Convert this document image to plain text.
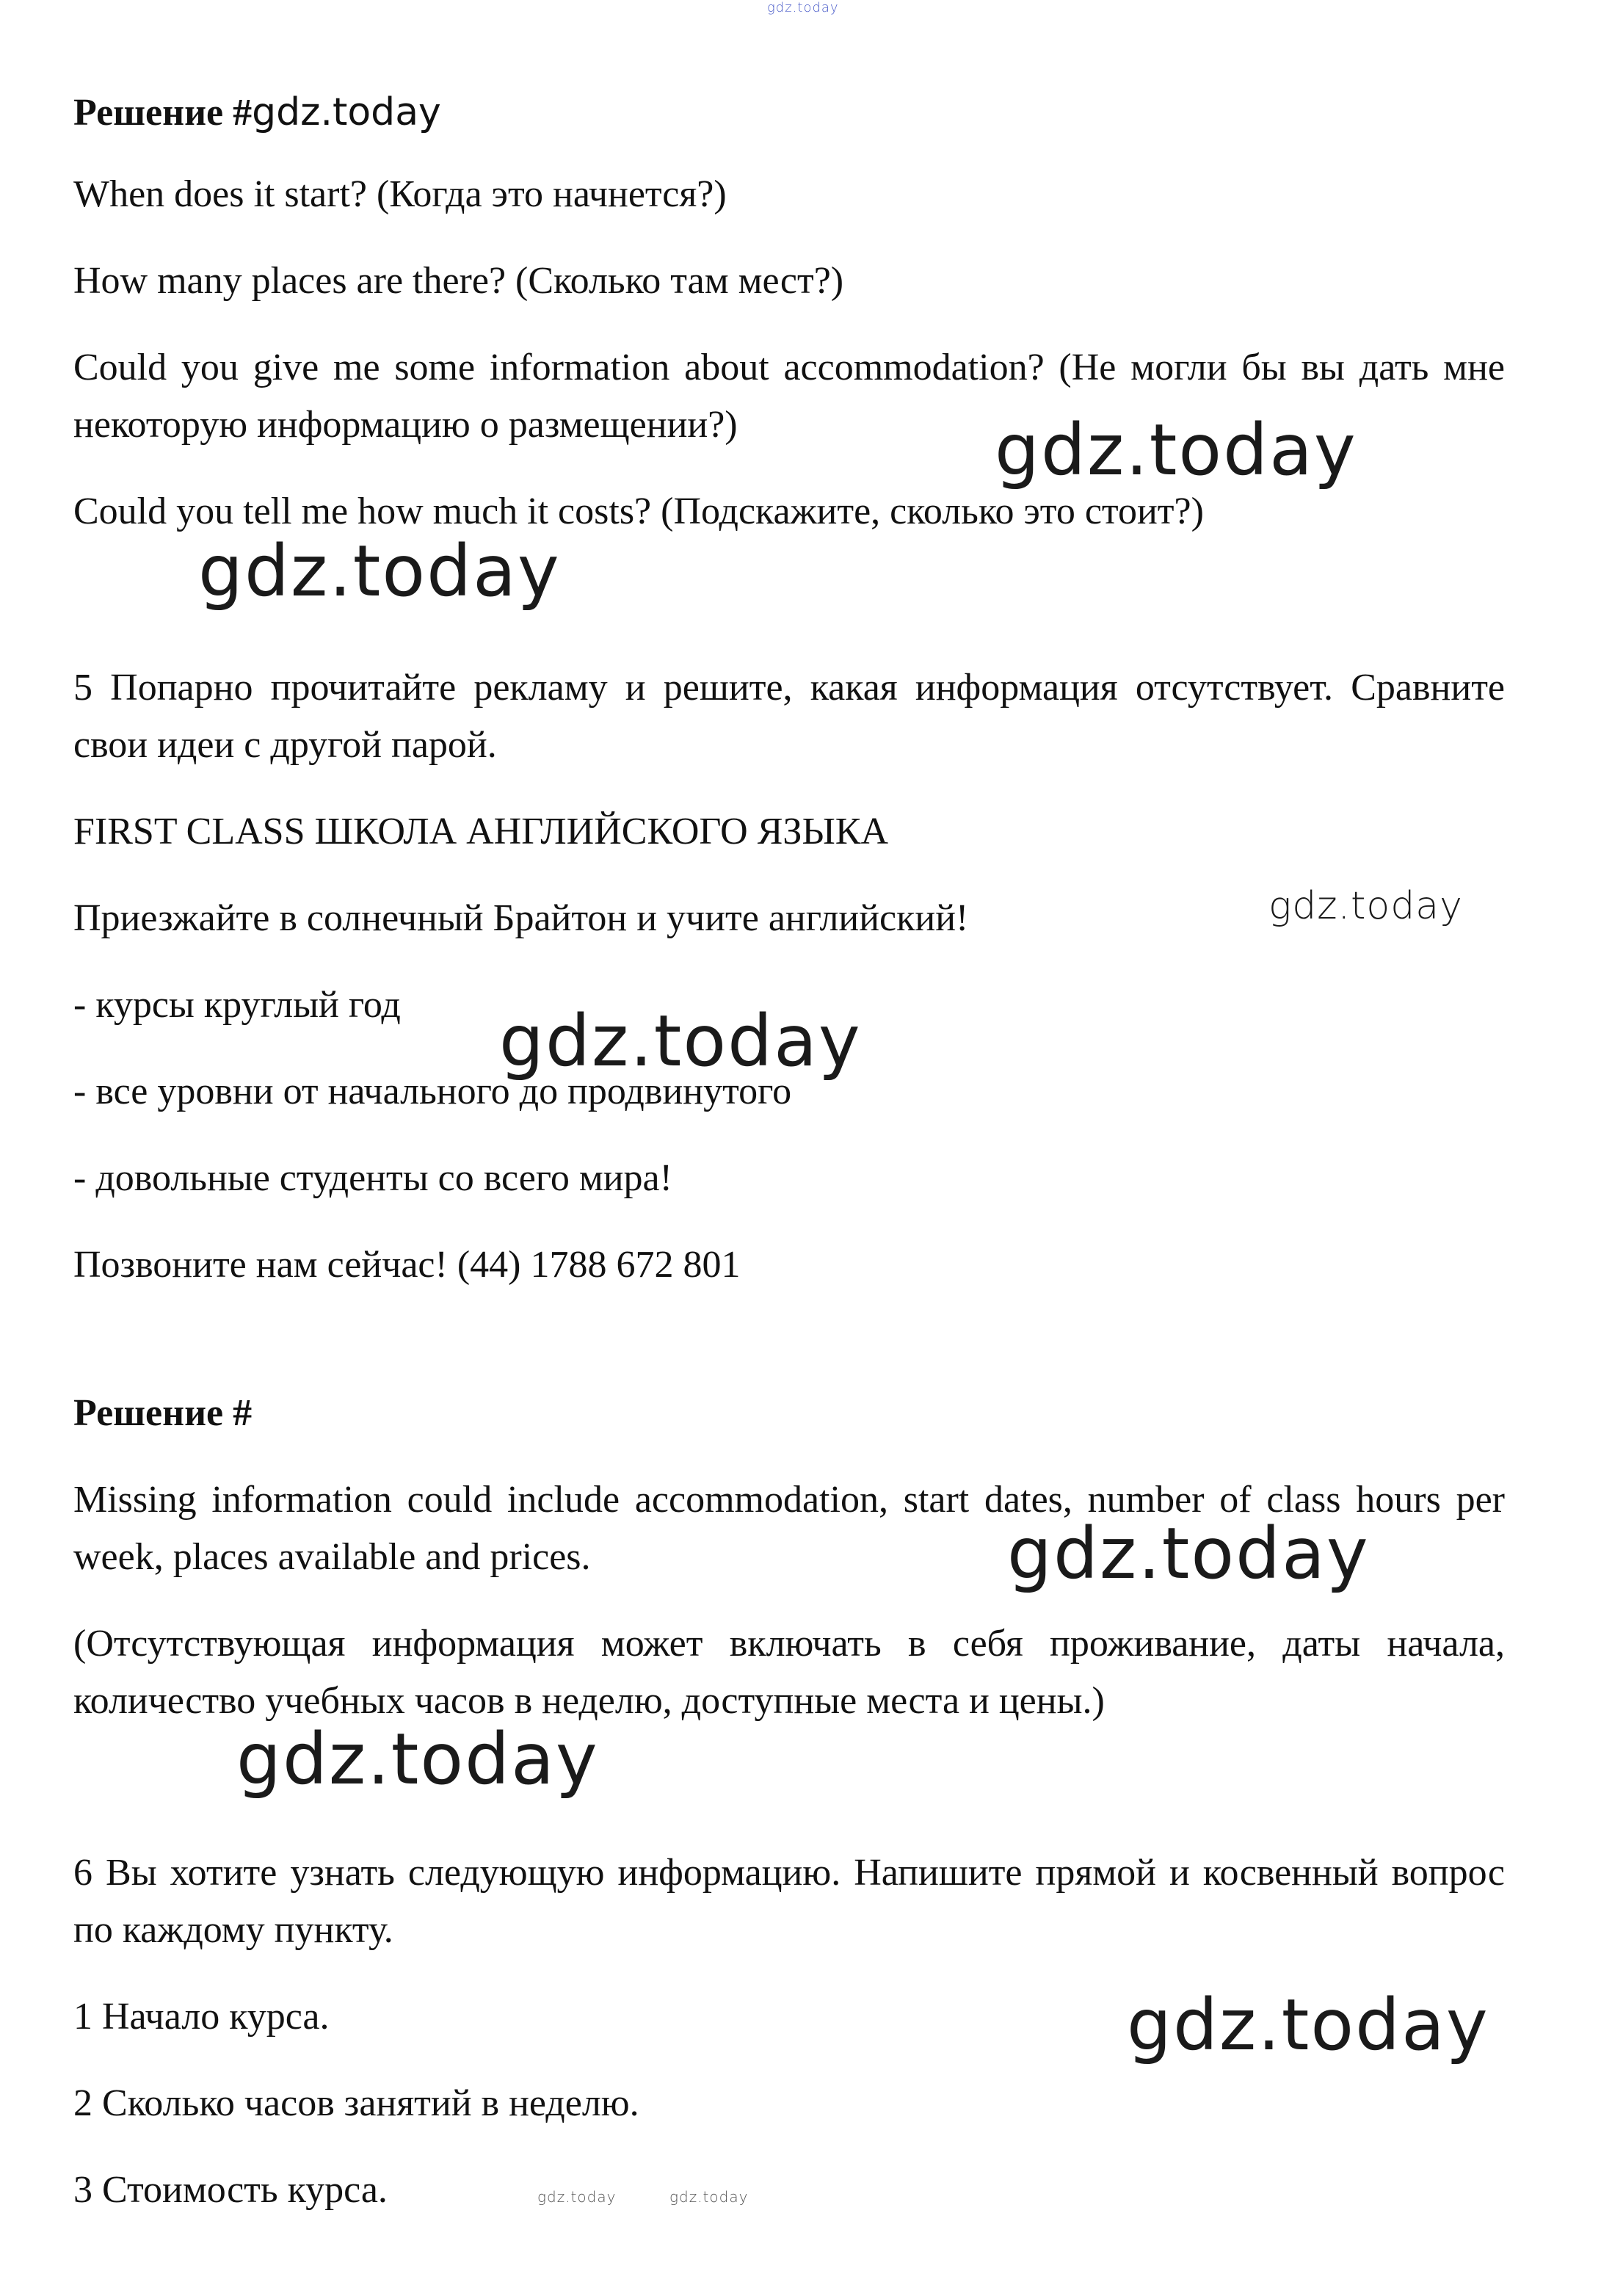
gdz.today

Решение #gdz.today

When does it start? (Когда это начнется?)

How many places are there? (Сколько там мест?)

Could you give me some information about accommodation? (Не могли бы вы дать мне некоторую информацию о размещении?)

Could you tell me how much it costs? (Подскажите, сколько это стоит?)

gdz.today
gdz.today

5 Попарно прочитайте рекламу и решите, какая информация отсутствует. Сравните свои идеи с другой парой.

FIRST CLASS ШКОЛА АНГЛИЙСКОГО ЯЗЫКА

Приезжайте в солнечный Брайтон и учите английский!

- курсы круглый год

- все уровни от начального до продвинутого

- довольные студенты со всего мира!

Позвоните нам сейчас! (44) 1788 672 801

gdz.today
gdz.today

Решение #

Missing information could include accommodation, start dates, number of class hours per week, places available and prices.

(Отсутствующая информация может включать в себя проживание, даты начала, количество учебных часов в неделю, доступные места и цены.)

gdz.today
gdz.today

6 Вы хотите узнать следующую информацию. Напишите прямой и косвенный вопрос по каждому пункту.

1 Начало курса.

2 Сколько часов занятий в неделю.

3 Стоимость курса.

gdz.today
gdz.today	gdz.today
